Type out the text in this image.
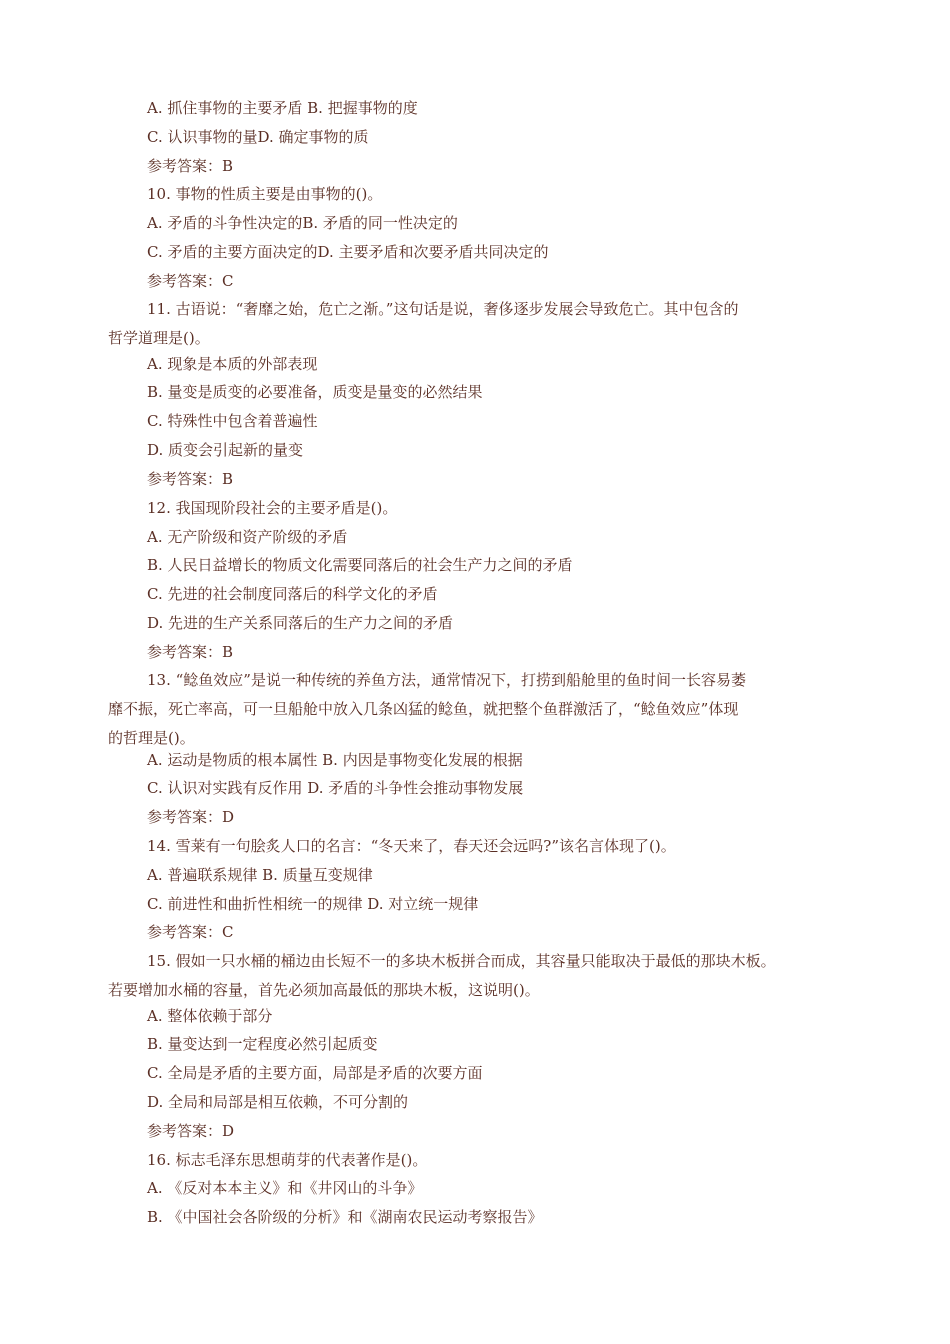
A. 抓住事物的主要矛盾 B. 把握事物的度
C. 认识事物的量D. 确定事物的质
参考答案：B
10. 事物的性质主要是由事物的()。
A. 矛盾的斗争性决定的B. 矛盾的同一性决定的
C. 矛盾的主要方面决定的D. 主要矛盾和次要矛盾共同决定的
参考答案：C
11. 古语说：“奢靡之始，危亡之渐。”这句话是说，奢侈逐步发展会导致危亡。其中包含的
哲学道理是()。
A. 现象是本质的外部表现
B. 量变是质变的必要准备，质变是量变的必然结果
C. 特殊性中包含着普遍性
D. 质变会引起新的量变
参考答案：B
12. 我国现阶段社会的主要矛盾是()。
A. 无产阶级和资产阶级的矛盾
B. 人民日益增长的物质文化需要同落后的社会生产力之间的矛盾
C. 先进的社会制度同落后的科学文化的矛盾
D. 先进的生产关系同落后的生产力之间的矛盾
参考答案：B
13. “鲶鱼效应”是说一种传统的养鱼方法，通常情况下，打捞到船舱里的鱼时间一长容易萎
靡不振，死亡率高，可一旦船舱中放入几条凶猛的鲶鱼，就把整个鱼群激活了，“鲶鱼效应”体现
的哲理是()。
A. 运动是物质的根本属性 B. 内因是事物变化发展的根据
C. 认识对实践有反作用 D. 矛盾的斗争性会推动事物发展
参考答案：D
14. 雪莱有一句脍炙人口的名言：“冬天来了，春天还会远吗?”该名言体现了()。
A. 普遍联系规律 B. 质量互变规律
C. 前进性和曲折性相统一的规律 D. 对立统一规律
参考答案：C
15. 假如一只水桶的桶边由长短不一的多块木板拼合而成，其容量只能取决于最低的那块木板。
若要增加水桶的容量，首先必须加高最低的那块木板，这说明()。
A. 整体依赖于部分
B. 量变达到一定程度必然引起质变
C. 全局是矛盾的主要方面，局部是矛盾的次要方面
D. 全局和局部是相互依赖，不可分割的
参考答案：D
16. 标志毛泽东思想萌芽的代表著作是()。
A. 《反对本本主义》和《井冈山的斗争》
B. 《中国社会各阶级的分析》和《湖南农民运动考察报告》
